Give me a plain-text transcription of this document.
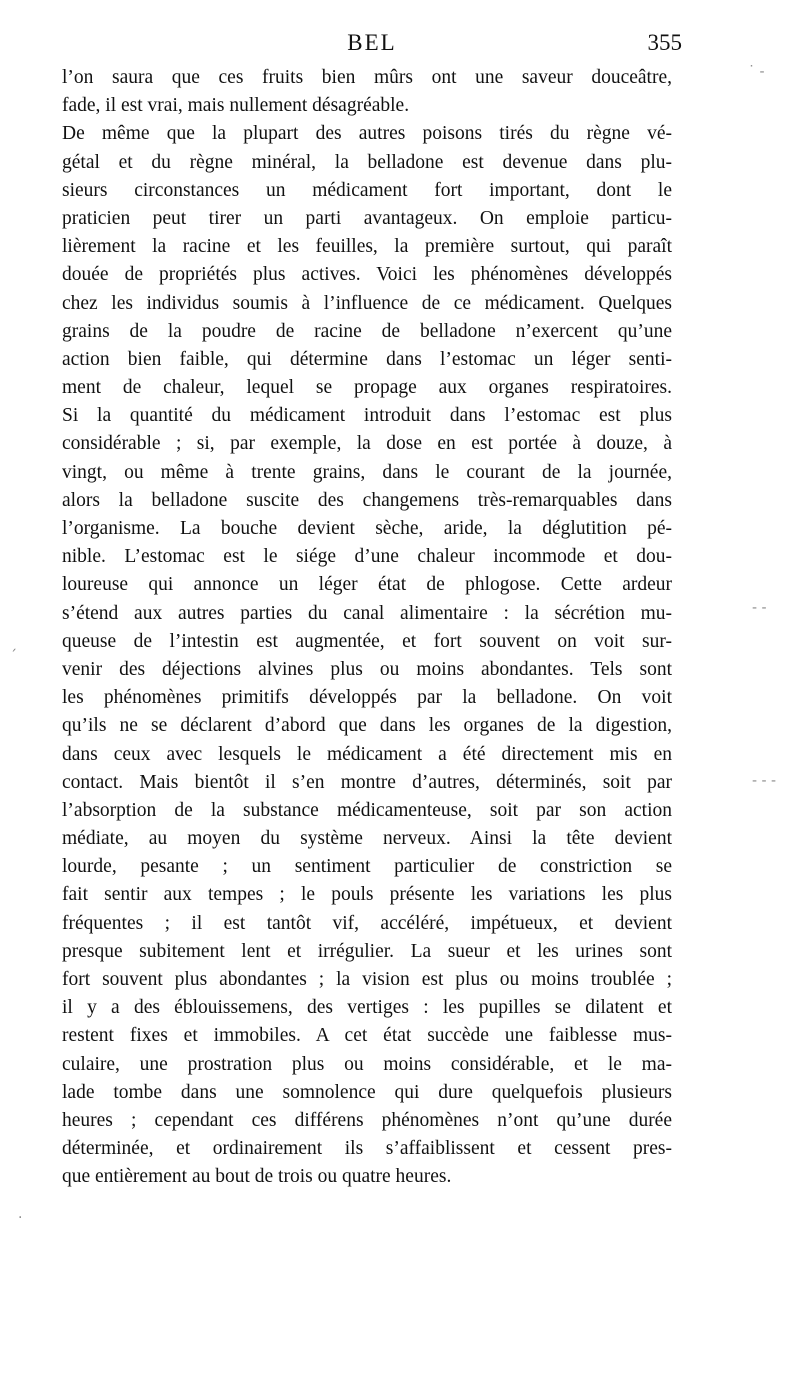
BEL	355
l’on saura que ces fruits bien mûrs ont une saveur douceâtre,
fade, il est vrai, mais nullement désagréable.
De même que la plupart des autres poisons tirés du règne vé-
gétal et du règne minéral, la belladone est devenue dans plu-
sieurs circonstances un médicament fort important, dont le
praticien peut tirer un parti avantageux. On emploie particu-
lièrement la racine et les feuilles, la première surtout, qui paraît
douée de propriétés plus actives. Voici les phénomènes développés
chez les individus soumis à l’influence de ce médicament. Quelques
grains de la poudre de racine de belladone n’exercent qu’une
action bien faible, qui détermine dans l’estomac un léger senti-
ment de chaleur, lequel se propage aux organes respiratoires.
Si la quantité du médicament introduit dans l’estomac est plus
considérable ; si, par exemple, la dose en est portée à douze, à
vingt, ou même à trente grains, dans le courant de la journée,
alors la belladone suscite des changemens très-remarquables dans
l’organisme. La bouche devient sèche, aride, la déglutition pé-
nible. L’estomac est le siége d’une chaleur incommode et dou-
loureuse qui annonce un léger état de phlogose. Cette ardeur
s’étend aux autres parties du canal alimentaire : la sécrétion mu-
queuse de l’intestin est augmentée, et fort souvent on voit sur-
venir des déjections alvines plus ou moins abondantes. Tels sont
les phénomènes primitifs développés par la belladone. On voit
qu’ils ne se déclarent d’abord que dans les organes de la digestion,
dans ceux avec lesquels le médicament a été directement mis en
contact. Mais bientôt il s’en montre d’autres, déterminés, soit par
l’absorption de la substance médicamenteuse, soit par son action
médiate, au moyen du système nerveux. Ainsi la tête devient
lourde, pesante ; un sentiment particulier de constriction se
fait sentir aux tempes ; le pouls présente les variations les plus
fréquentes ; il est tantôt vif, accéléré, impétueux, et devient
presque subitement lent et irrégulier. La sueur et les urines sont
fort souvent plus abondantes ; la vision est plus ou moins troublée ;
il y a des éblouissemens, des vertiges : les pupilles se dilatent et
restent fixes et immobiles. A cet état succède une faiblesse mus-
culaire, une prostration plus ou moins considérable, et le ma-
lade tombe dans une somnolence qui dure quelquefois plusieurs
heures ; cependant ces différens phénomènes n’ont qu’une durée
déterminée, et ordinairement ils s’affaiblissent et cessent pres-
que entièrement au bout de trois ou quatre heures.
˙ -
- -
- - -
ˏ
·
